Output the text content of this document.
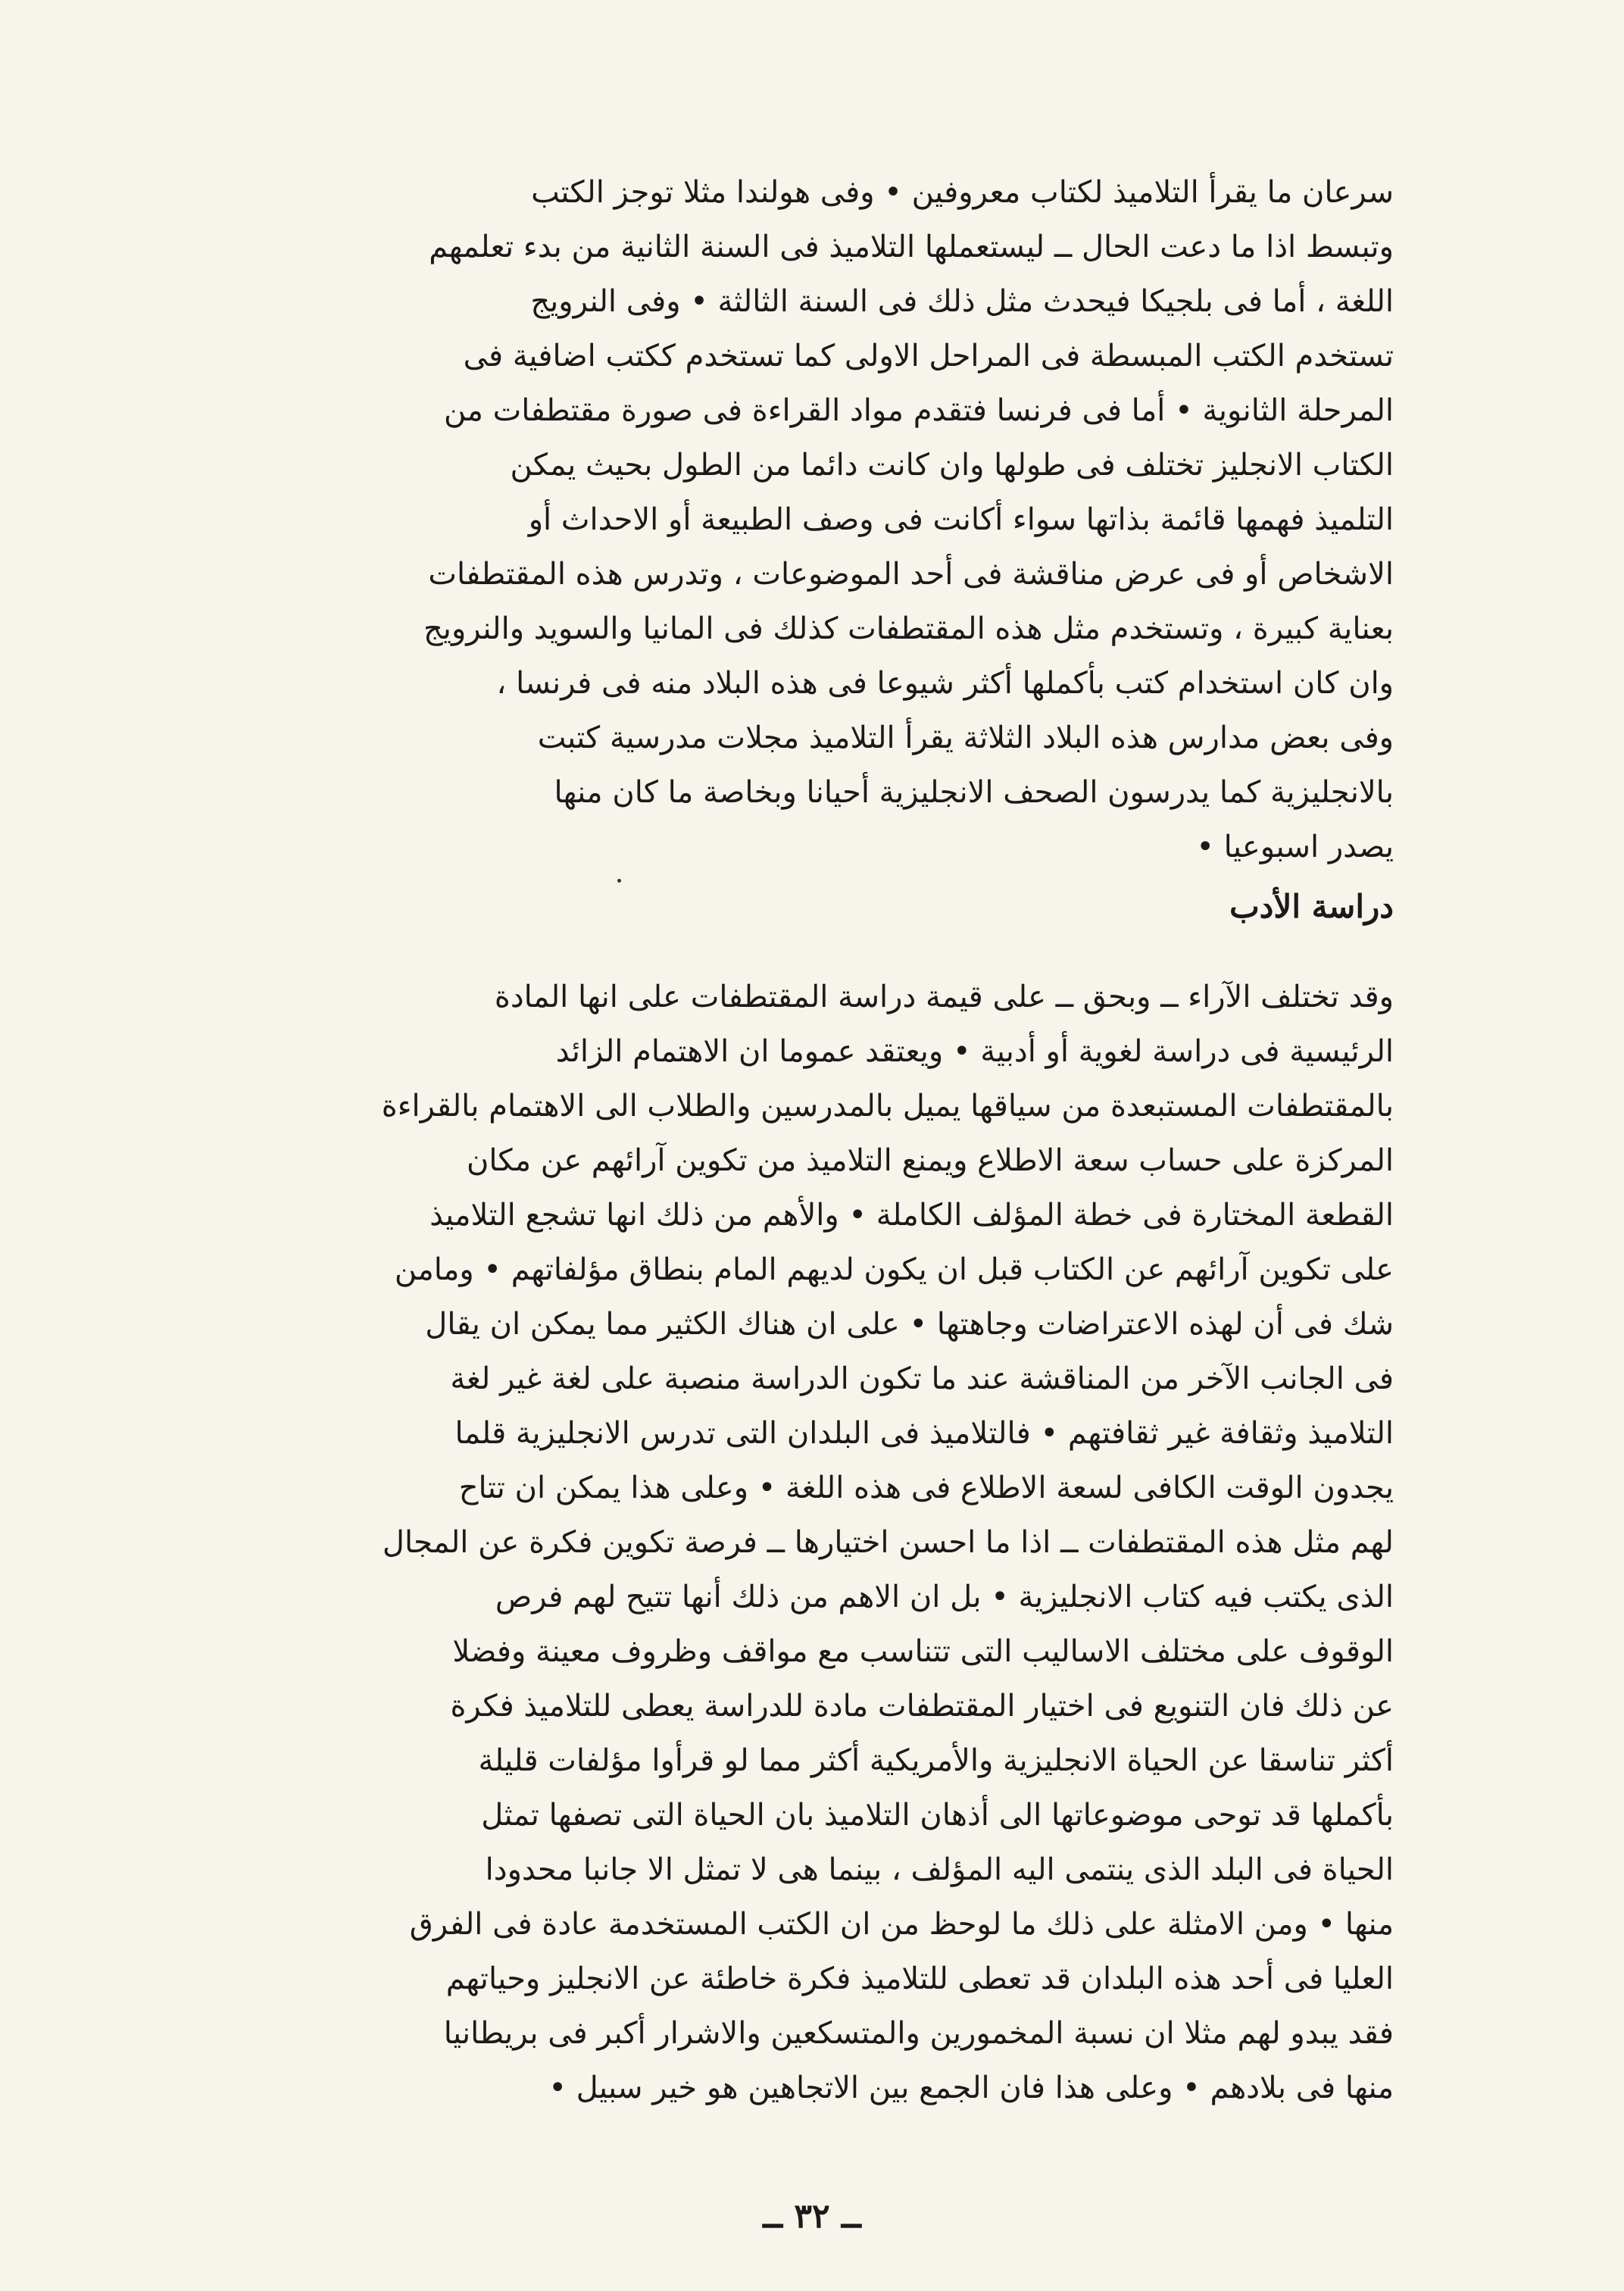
سرعان ما يقرأ التلاميذ لكتاب معروفين • وفى هولندا مثلا توجز الكتب
وتبسط اذا ما دعت الحال ــ ليستعملها التلاميذ فى السنة الثانية من بدء تعلمهم
اللغة ، أما فى بلجيكا فيحدث مثل ذلك فى السنة الثالثة • وفى النرويج
تستخدم الكتب المبسطة فى المراحل الاولى كما تستخدم ككتب اضافية فى
المرحلة الثانوية • أما فى فرنسا فتقدم مواد القراءة فى صورة مقتطفات من
الكتاب الانجليز تختلف فى طولها وان كانت دائما من الطول بحيث يمكن
التلميذ فهمها قائمة بذاتها سواء أكانت فى وصف الطبيعة أو الاحداث أو
الاشخاص أو فى عرض مناقشة فى أحد الموضوعات ، وتدرس هذه المقتطفات
بعناية كبيرة ، وتستخدم مثل هذه المقتطفات كذلك فى المانيا والسويد والنرويج
وان كان استخدام كتب بأكملها أكثر شيوعا فى هذه البلاد منه فى فرنسا ،
وفى بعض مدارس هذه البلاد الثلاثة يقرأ التلاميذ مجلات مدرسية كتبت
بالانجليزية كما يدرسون الصحف الانجليزية أحيانا وبخاصة ما كان منها
يصدر اسبوعيا •
دراسة الأدب
وقد تختلف الآراء ــ وبحق ــ على قيمة دراسة المقتطفات على انها المادة
الرئيسية فى دراسة لغوية أو أدبية • ويعتقد عموما ان الاهتمام الزائد
بالمقتطفات المستبعدة من سياقها يميل بالمدرسين والطلاب الى الاهتمام بالقراءة
المركزة على حساب سعة الاطلاع ويمنع التلاميذ من تكوين آرائهم عن مكان
القطعة المختارة فى خطة المؤلف الكاملة • والأهم من ذلك انها تشجع التلاميذ
على تكوين آرائهم عن الكتاب قبل ان يكون لديهم المام بنطاق مؤلفاتهم • ومامن
شك فى أن لهذه الاعتراضات وجاهتها • على ان هناك الكثير مما يمكن ان يقال
فى الجانب الآخر من المناقشة عند ما تكون الدراسة منصبة على لغة غير لغة
التلاميذ وثقافة غير ثقافتهم • فالتلاميذ فى البلدان التى تدرس الانجليزية قلما
يجدون الوقت الكافى لسعة الاطلاع فى هذه اللغة • وعلى هذا يمكن ان تتاح
لهم مثل هذه المقتطفات ــ اذا ما احسن اختيارها ــ فرصة تكوين فكرة عن المجال
الذى يكتب فيه كتاب الانجليزية • بل ان الاهم من ذلك أنها تتيح لهم فرص
الوقوف على مختلف الاساليب التى تتناسب مع مواقف وظروف معينة وفضلا
عن ذلك فان التنويع فى اختيار المقتطفات مادة للدراسة يعطى للتلاميذ فكرة
أكثر تناسقا عن الحياة الانجليزية والأمريكية أكثر مما لو قرأوا مؤلفات قليلة
بأكملها قد توحى موضوعاتها الى أذهان التلاميذ بان الحياة التى تصفها تمثل
الحياة فى البلد الذى ينتمى اليه المؤلف ، بينما هى لا تمثل الا جانبا محدودا
منها • ومن الامثلة على ذلك ما لوحظ من ان الكتب المستخدمة عادة فى الفرق
العليا فى أحد هذه البلدان قد تعطى للتلاميذ فكرة خاطئة عن الانجليز وحياتهم
فقد يبدو لهم مثلا ان نسبة المخمورين والمتسكعين والاشرار أكبر فى بريطانيا
منها فى بلادهم • وعلى هذا فان الجمع بين الاتجاهين هو خير سبيل •
ــ ٣٢ ــ
